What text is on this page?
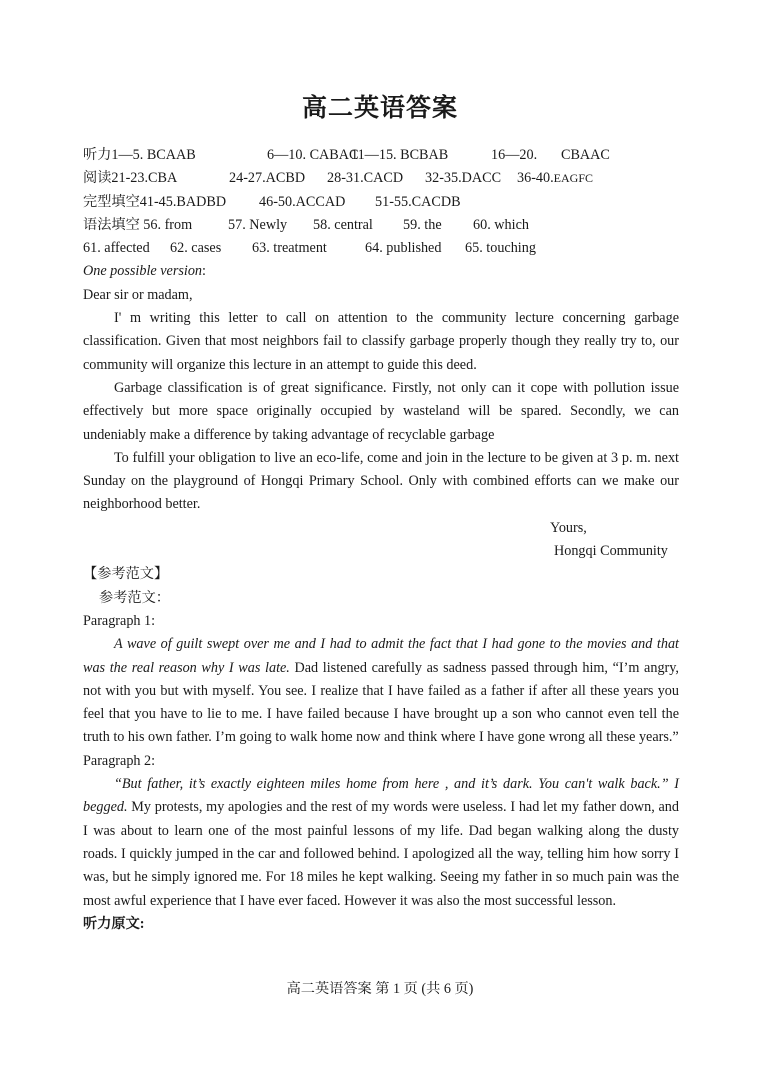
高二英语答案
听力1—5. BCAAB	6—10. CABAC11—15. BCBAB	16—20. CBAAC
阅读21-23.CBA	24-27.ACBD 28-31.CACD 32-35.DACC 36-40.EAGFC
完型填空41-45.BADBD 46-50.ACCAD 51-55.CACDB
语法填空 56. from	57. Newly 58. central 59. the 60. which
61. affected 62. cases 63. treatment	64. published 65. touching
One possible version:
Dear sir or madam,

I' m writing this letter to call on attention to the community lecture concerning garbage classification. Given that most neighbors fail to classify garbage properly though they really try to, our community will organize this lecture in an attempt to guide this deed.

Garbage classification is of great significance. Firstly, not only can it cope with pollution issue effectively but more space originally occupied by wasteland will be spared. Secondly, we can undeniably make a difference by taking advantage of recyclable garbage

To fulfill your obligation to live an eco-life, come and join in the lecture to be given at 3 p. m. next Sunday on the playground of Hongqi Primary School. Only with combined efforts can we make our neighborhood better.

Yours,
Hongqi Community
【参考范文】
参考范文：
Paragraph 1:

A wave of guilt swept over me and I had to admit the fact that I had gone to the movies and that was the real reason why I was late. Dad listened carefully as sadness passed through him, “I’m angry, not with you but with myself. You see. I realize that I have failed as a father if after all these years you feel that you have to lie to me. I have failed because I have brought up a son who cannot even tell the truth to his own father. I’m going to walk home now and think where I have gone wrong all these years.”

Paragraph 2:

“But father, it’s exactly eighteen miles home from here , and it’s dark. You can't walk back.” I begged. My protests, my apologies and the rest of my words were useless. I had let my father down, and I was about to learn one of the most painful lessons of my life. Dad began walking along the dusty roads. I quickly jumped in the car and followed behind. I apologized all the way, telling him how sorry I was, but he simply ignored me. For 18 miles he kept walking. Seeing my father in so much pain was the most awful experience that I have ever faced. However it was also the most successful lesson.

听力原文:
高二英语答案 第 1 页 (共 6 页)
